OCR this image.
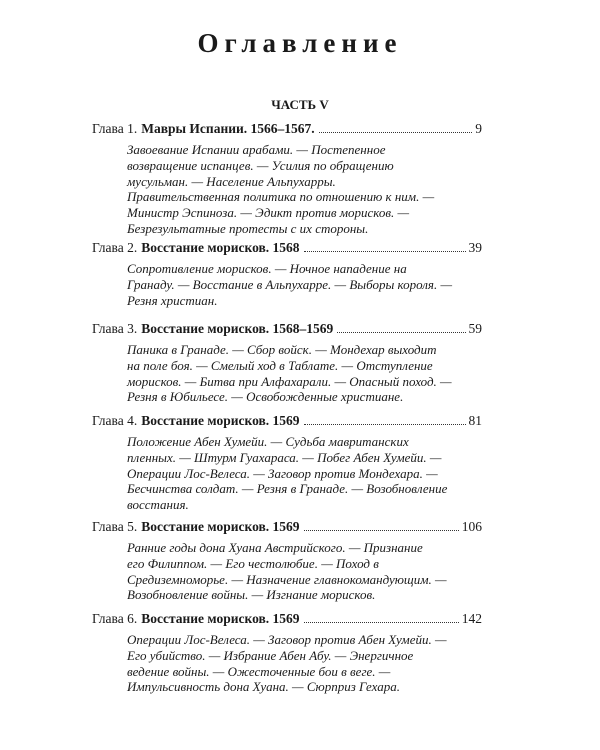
Оглавление
ЧАСТЬ V
Глава 1. Мавры Испании. 1566–1567.	9
Завоевание Испании арабами. — Постепенное
возвращение испанцев. — Усилия по обращению
мусульман. — Население Альпухарры.
Правительственная политика по отношению к ним. —
Министр Эспиноза. — Эдикт против морисков. —
Безрезультатные протесты с их стороны.
Глава 2. Восстание морисков. 1568	39
Сопротивление морисков. — Ночное нападение на
Гранаду. — Восстание в Альпухарре. — Выборы короля. —
Резня христиан.
Глава 3. Восстание морисков. 1568–1569	59
Паника в Гранаде. — Сбор войск. — Мондехар выходит
на поле боя. — Смелый ход в Таблате. — Отступление
морисков. — Битва при Алфахарали. — Опасный поход. —
Резня в Юбильесе. — Освобожденные христиане.
Глава 4. Восстание морисков. 1569	81
Положение Абен Хумейи. — Судьба мавританских
пленных. — Штурм Гуахараса. — Побег Абен Хумейи. —
Операции Лос-Велеса. — Заговор против Мондехара. —
Бесчинства солдат. — Резня в Гранаде. — Возобновление
восстания.
Глава 5. Восстание морисков. 1569	106
Ранние годы дона Хуана Австрийского. — Признание
его Филиппом. — Его честолюбие. — Поход в
Средиземноморье. — Назначение главнокомандующим. —
Возобновление войны. — Изгнание морисков.
Глава 6. Восстание морисков. 1569	142
Операции Лос-Велеса. — Заговор против Абен Хумейи. —
Его убийство. — Избрание Абен Абу. — Энергичное
ведение войны. — Ожесточенные бои в веге. —
Импульсивность дона Хуана. — Сюрприз Гехара.
